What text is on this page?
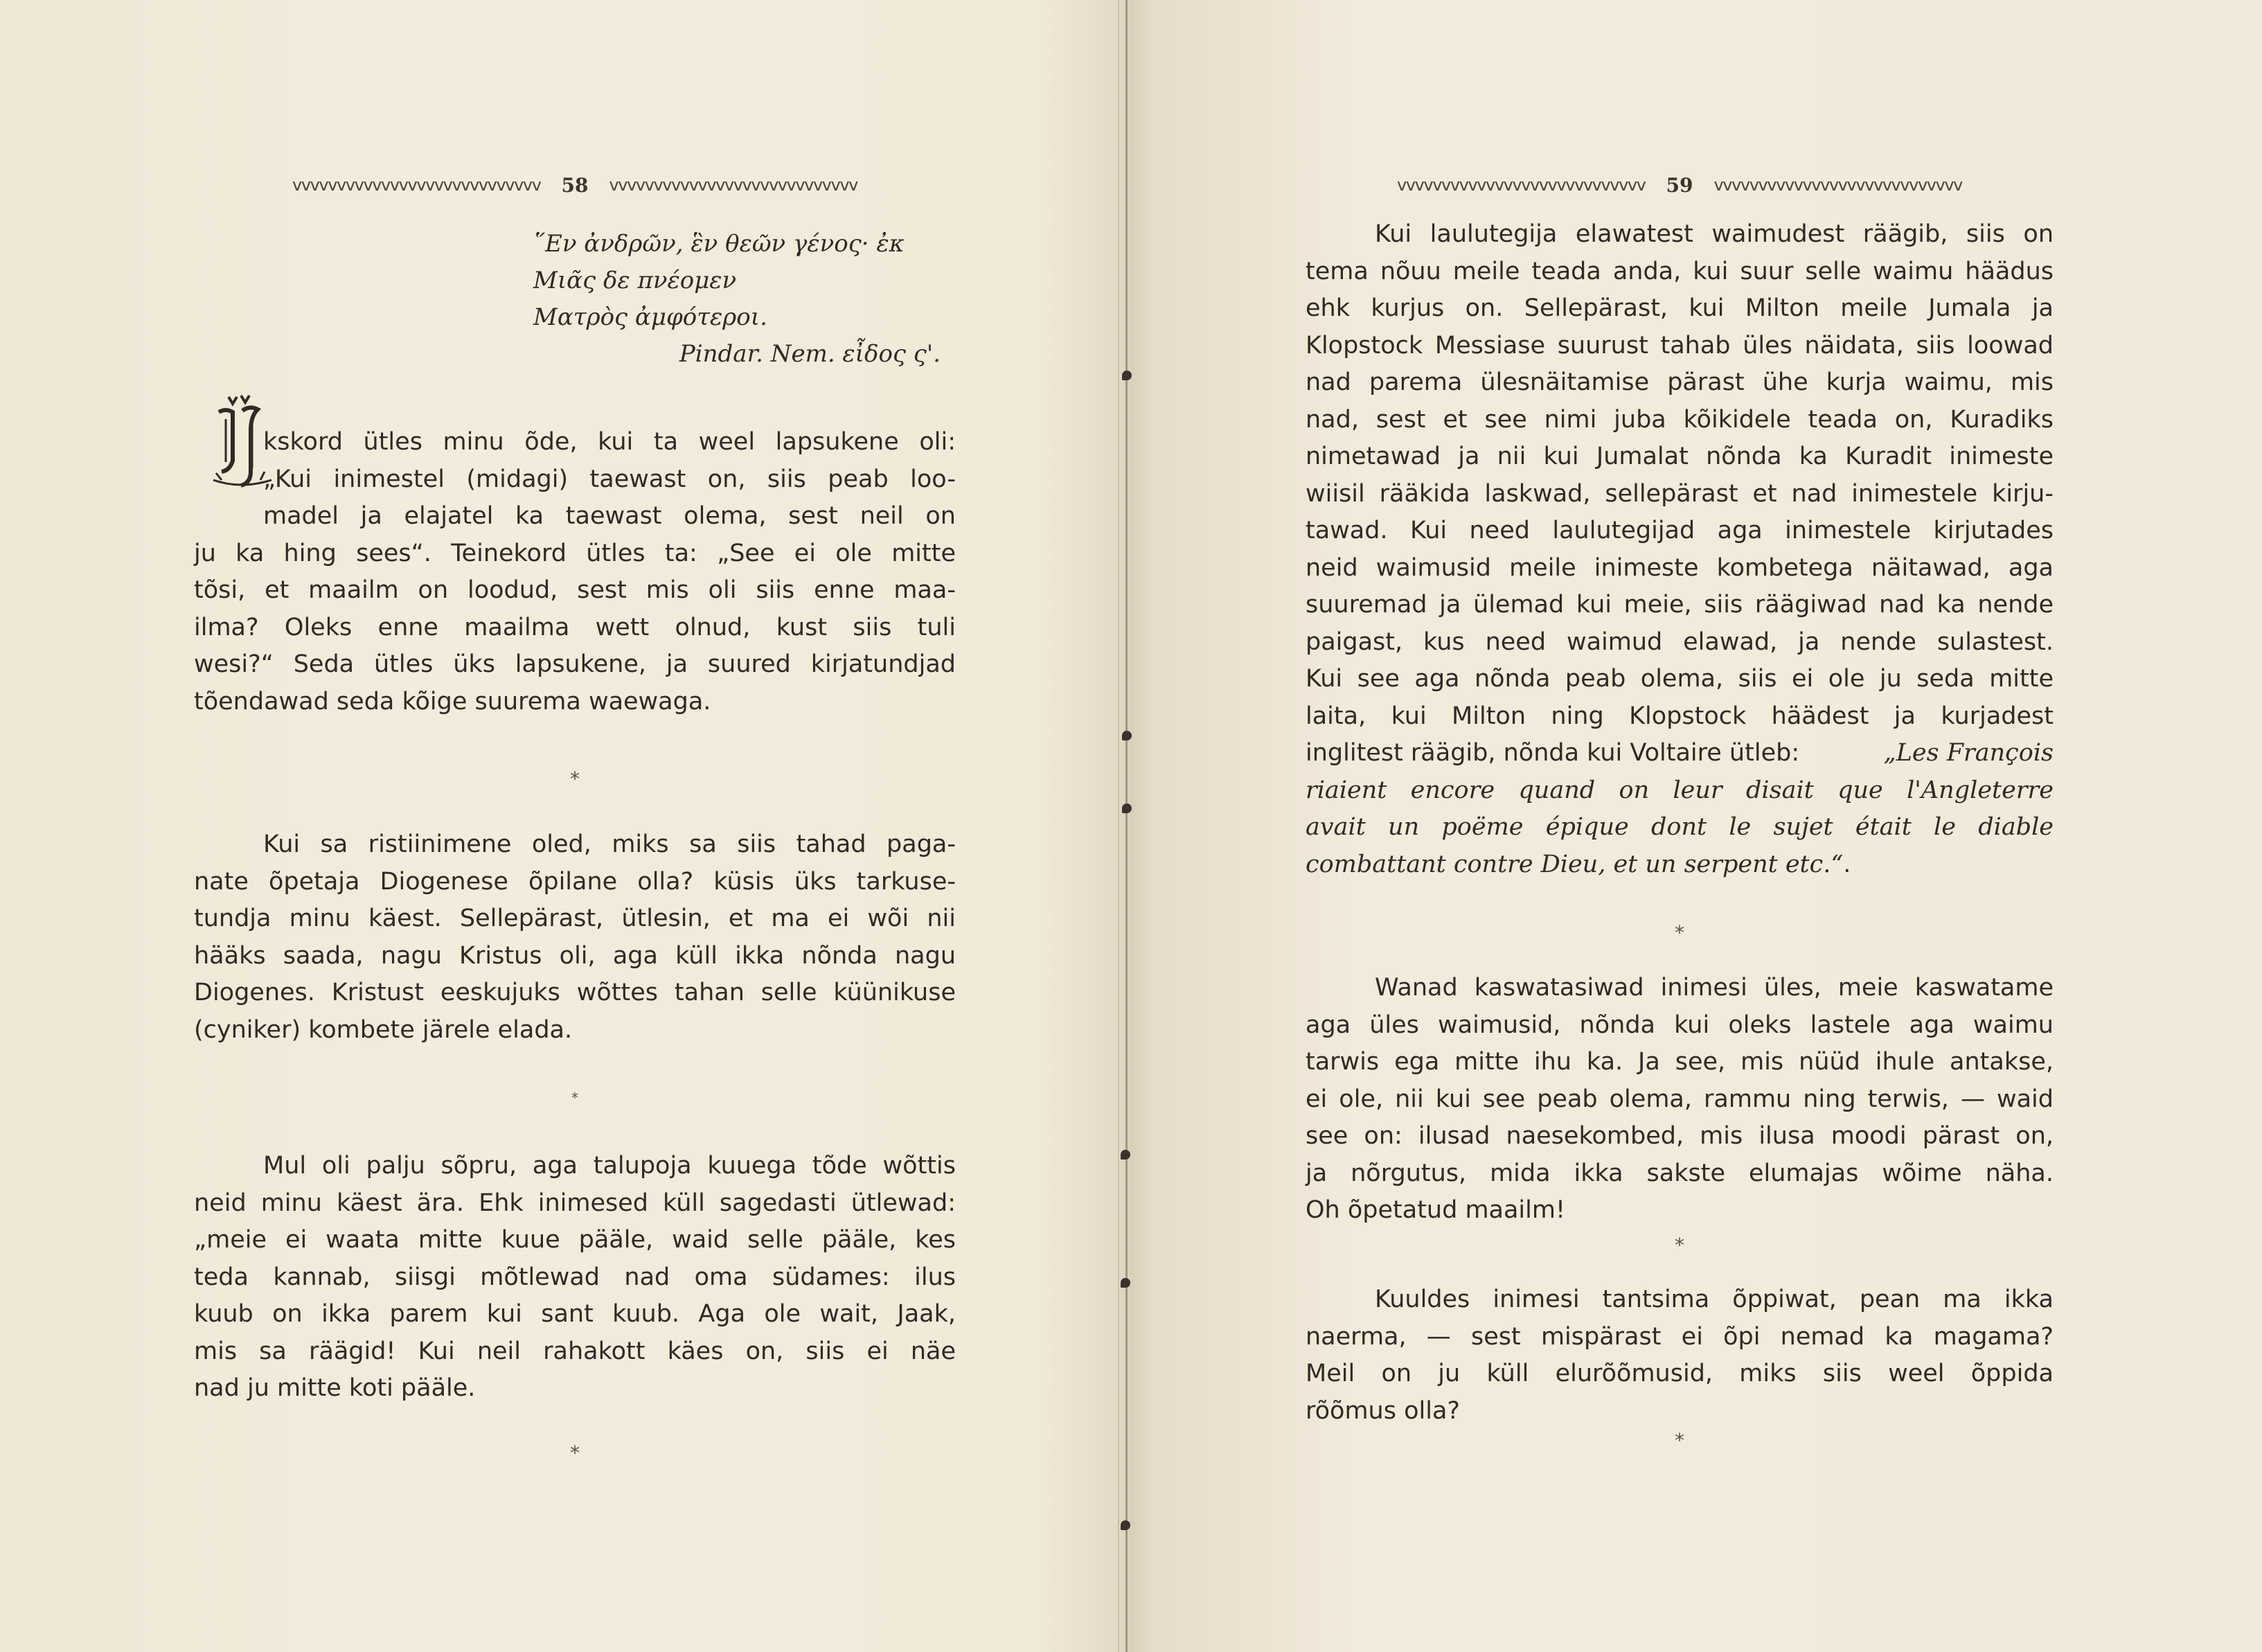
vvvvvvvvvvvvvvvvvvvvvvvvvvvv 58 vvvvvvvvvvvvvvvvvvvvvvvvvvvv
῞Εν ἀνδρῶν, ἓν θεῶν γένος· ἐκ
Μιᾶς δε πνέομεν
Ματρὸς ἀμφότεροι.
Pindar. Nem. εἶδος ς'.
kskord ütles minu õde, kui ta weel lapsukene oli:
„Kui inimestel (midagi) taewast on, siis peab loo-
madel ja elajatel ka taewast olema, sest neil on
ju ka hing sees“. Teinekord ütles ta: „See ei ole mitte
tõsi, et maailm on loodud, sest mis oli siis enne maa-
ilma? Oleks enne maailma wett olnud, kust siis tuli
wesi?“ Seda ütles üks lapsukene, ja suured kirjatundjad
tõendawad seda kõige suurema waewaga.
*
Kui sa ristiinimene oled, miks sa siis tahad paga-
nate õpetaja Diogenese õpilane olla? küsis üks tarkuse-
tundja minu käest. Sellepärast, ütlesin, et ma ei wõi nii
hääks saada, nagu Kristus oli, aga küll ikka nõnda nagu
Diogenes. Kristust eeskujuks wõttes tahan selle küünikuse
(cyniker) kombete järele elada.
*
Mul oli palju sõpru, aga talupoja kuuega tõde wõttis
neid minu käest ära. Ehk inimesed küll sagedasti ütlewad:
„meie ei waata mitte kuue pääle, waid selle pääle, kes
teda kannab, siisgi mõtlewad nad oma südames: ilus
kuub on ikka parem kui sant kuub. Aga ole wait, Jaak,
mis sa räägid! Kui neil rahakott käes on, siis ei näe
nad ju mitte koti pääle.
*
vvvvvvvvvvvvvvvvvvvvvvvvvvvv 59 vvvvvvvvvvvvvvvvvvvvvvvvvvvv
Kui laulutegija elawatest waimudest räägib, siis on
tema nõuu meile teada anda, kui suur selle waimu häädus
ehk kurjus on. Sellepärast, kui Milton meile Jumala ja
Klopstock Messiase suurust tahab üles näidata, siis loowad
nad parema ülesnäitamise pärast ühe kurja waimu, mis
nad, sest et see nimi juba kõikidele teada on, Kuradiks
nimetawad ja nii kui Jumalat nõnda ka Kuradit inimeste
wiisil rääkida laskwad, sellepärast et nad inimestele kirju-
tawad. Kui need laulutegijad aga inimestele kirjutades
neid waimusid meile inimeste kombetega näitawad, aga
suuremad ja ülemad kui meie, siis räägiwad nad ka nende
paigast, kus need waimud elawad, ja nende sulastest.
Kui see aga nõnda peab olema, siis ei ole ju seda mitte
laita, kui Milton ning Klopstock häädest ja kurjadest
inglitest räägib, nõnda kui Voltaire ütleb:	„Les François
riaient encore quand on leur disait que l'Angleterre
avait un poëme épique dont le sujet était le diable
combattant contre Dieu, et un serpent etc.“.
*
Wanad kaswatasiwad inimesi üles, meie kaswatame
aga üles waimusid, nõnda kui oleks lastele aga waimu
tarwis ega mitte ihu ka. Ja see, mis nüüd ihule antakse,
ei ole, nii kui see peab olema, rammu ning terwis, — waid
see on: ilusad naesekombed, mis ilusa moodi pärast on,
ja nõrgutus, mida ikka sakste elumajas wõime näha.
Oh õpetatud maailm!
*
Kuuldes inimesi tantsima õppiwat, pean ma ikka
naerma, — sest mispärast ei õpi nemad ka magama?
Meil on ju küll elurõõmusid, miks siis weel õppida
rõõmus olla?
*
